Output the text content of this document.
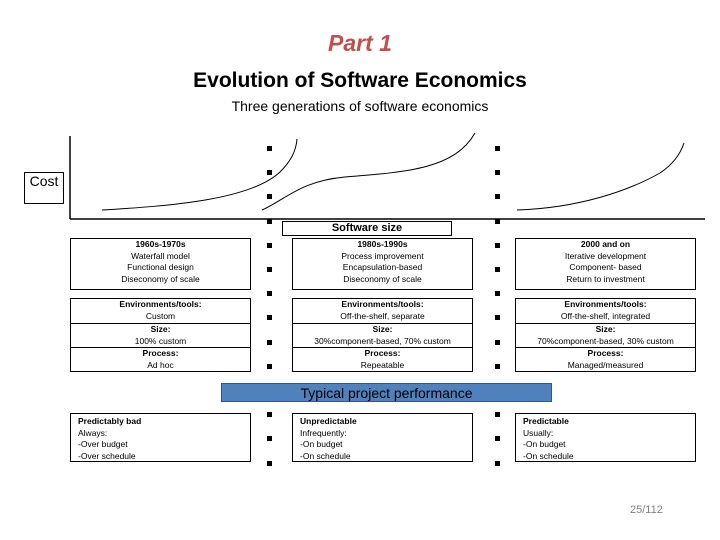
Part 1
Evolution of Software Economics
Three generations of software economics
Cost
Software size
1960s-1970s
Waterfall model
Functional design
Diseconomy of scale
Environments/tools:
Custom
Size:
100% custom
Process:
Ad hoc
1980s-1990s
Process improvement
Encapsulation-based
Diseconomy of scale
Environments/tools:
Off-the-shelf, separate
Size:
30%component-based, 70% custom
Process:
Repeatable
2000 and on
Iterative development
Component- based
Return to investment
Environments/tools:
Off-the-shelf, integrated
Size:
70%component-based, 30% custom
Process:
Managed/measured
Typical project performance
Predictably bad
Always:
-Over budget
-Over schedule
Unpredictable
Infrequently:
-On budget
-On schedule
Predictable
Usually:
-On budget
-On schedule
25/112
